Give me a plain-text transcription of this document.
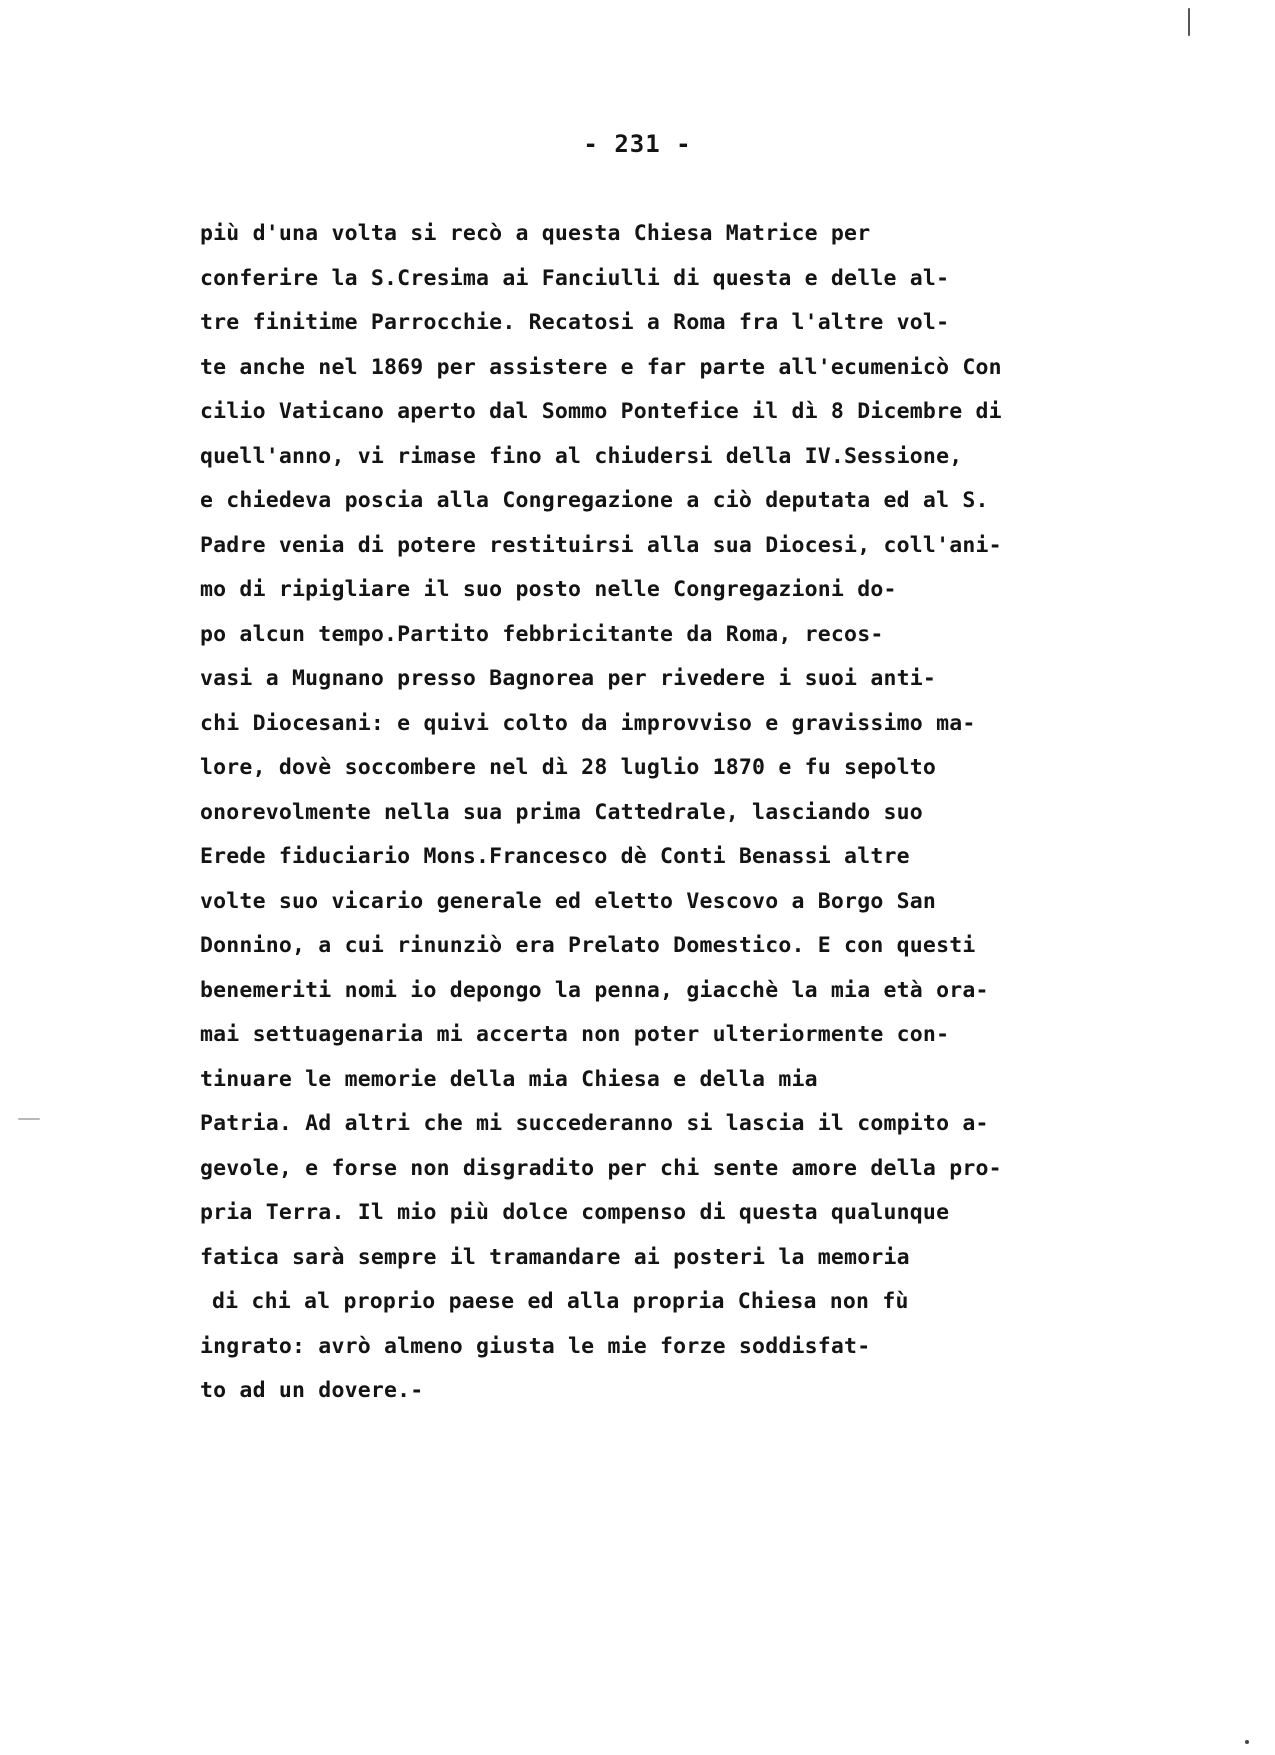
- 231 -
più d'una volta si recò a questa Chiesa Matrice per
conferire la S.Cresima ai Fanciulli di questa e delle al-
tre finitime Parrocchie. Recatosi a Roma fra l'altre vol-
te anche nel 1869 per assistere e far parte all'ecumenicò Con
cilio Vaticano aperto dal Sommo Pontefice il dì 8 Dicembre di
quell'anno, vi rimase fino al chiudersi della IV.Sessione,
e chiedeva poscia alla Congregazione a ciò deputata ed al S.
Padre venia di potere restituirsi alla sua Diocesi, coll'ani-
mo di ripigliare il suo posto nelle Congregazioni do-
po alcun tempo.Partito febbricitante da Roma, recos-
vasi a Mugnano presso Bagnorea per rivedere i suoi anti-
chi Diocesani: e quivi colto da improvviso e gravissimo ma-
lore, dovè soccombere nel dì 28 luglio 1870 e fu sepolto
onorevolmente nella sua prima Cattedrale, lasciando suo
Erede fiduciario Mons.Francesco dè Conti Benassi altre
volte suo vicario generale ed eletto Vescovo a Borgo San
Donnino, a cui rinunziò era Prelato Domestico. E con questi
benemeriti nomi io depongo la penna, giacchè la mia età ora-
mai settuagenaria mi accerta non poter ulteriormente con-
tinuare le memorie della mia Chiesa e della mia
Patria. Ad altri che mi succederanno si lascia il compito a-
gevole, e forse non disgradito per chi sente amore della pro-
pria Terra. Il mio più dolce compenso di questa qualunque
fatica sarà sempre il tramandare ai posteri la memoria
di chi al proprio paese ed alla propria Chiesa non fù
ingrato: avrò almeno giusta le mie forze soddisfat-
to ad un dovere.-
